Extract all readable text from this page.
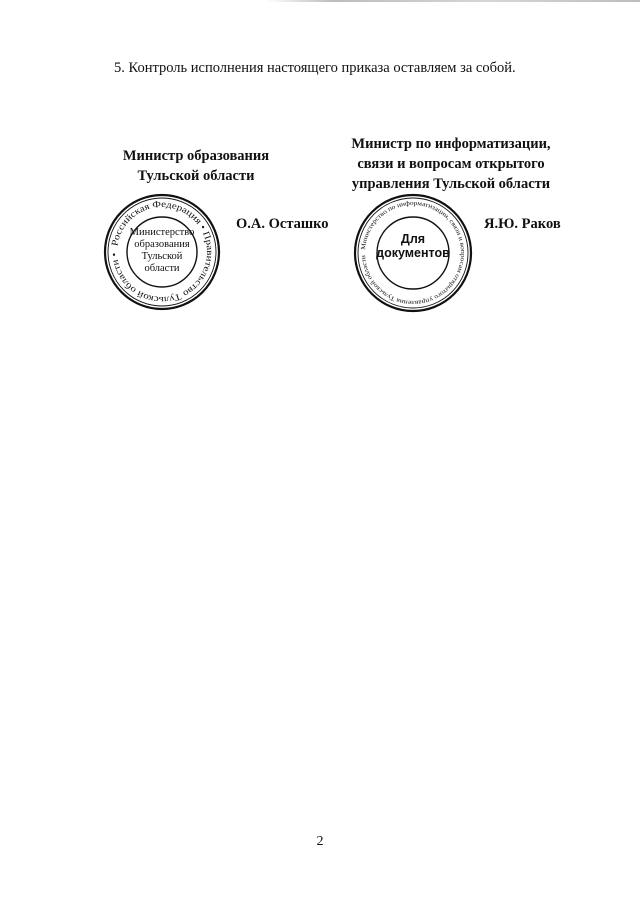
5. Контроль исполнения настоящего приказа оставляем за собой.
Министр образования
Тульской области
Российская Федерация • Правительство Тульской области •
Министерство
образования
Тульской
области
О.А. Осташко
Министр по информатизации,
связи и вопросам открытого
управления Тульской области
Министерство по информатизации, связи и вопросам открытого управления Тульской области
Для
документов
Я.Ю. Раков
2
